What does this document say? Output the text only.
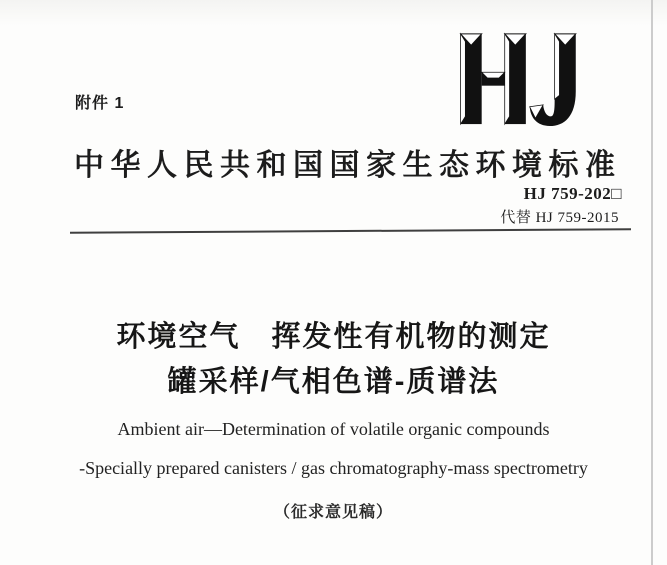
附件 1
中华人民共和国国家生态环境标准
HJ 759-202□
代替 HJ 759-2015
环境空气　挥发性有机物的测定
罐采样/气相色谱-质谱法
Ambient air—Determination of volatile organic compounds
-Specially prepared canisters / gas chromatography-mass spectrometry
（征求意见稿）
